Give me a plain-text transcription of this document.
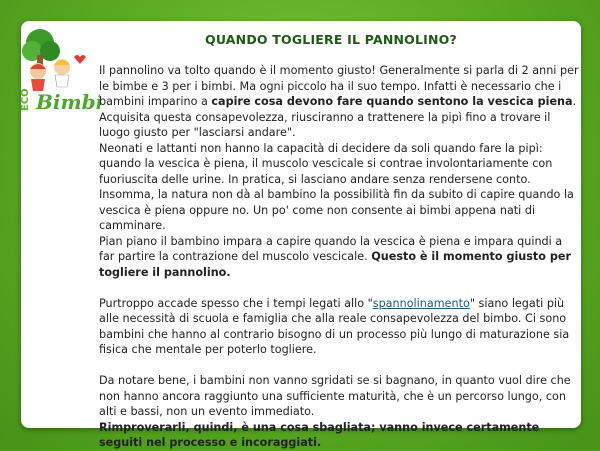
ECO Bimbi
QUANDO TOGLIERE IL PANNOLINO?

Il pannolino va tolto quando è il momento giusto! Generalmente si parla di 2 anni per le bimbe e 3 per i bimbi. Ma ogni piccolo ha il suo tempo. Infatti è necessario che i bambini imparino a capire cosa devono fare quando sentono la vescica piena. Acquisita questa consapevolezza, riusciranno a trattenere la pipì fino a trovare il luogo giusto per "lasciarsi andare".

Neonati e lattanti non hanno la capacità di decidere da soli quando fare la pipì: quando la vescica è piena, il muscolo vescicale si contrae involontariamente con fuoriuscita delle urine. In pratica, si lasciano andare senza rendersene conto. Insomma, la natura non dà al bambino la possibilità fin da subito di capire quando la vescica è piena oppure no. Un po' come non consente ai bimbi appena nati di camminare.

Pian piano il bambino impara a capire quando la vescica è piena e impara quindi a far partire la contrazione del muscolo vescicale. Questo è il momento giusto per togliere il pannolino.

Purtroppo accade spesso che i tempi legati allo "spannolinamento" siano legati più alle necessità di scuola e famiglia che alla reale consapevolezza del bimbo. Ci sono bambini che hanno al contrario bisogno di un processo più lungo di maturazione sia fisica che mentale per poterlo togliere.

Da notare bene, i bambini non vanno sgridati se si bagnano, in quanto vuol dire che non hanno ancora raggiunto una sufficiente maturità, che è un percorso lungo, con alti e bassi, non un evento immediato.

Rimproverarli, quindi, è una cosa sbagliata; vanno invece certamente seguiti nel processo e incoraggiati.
